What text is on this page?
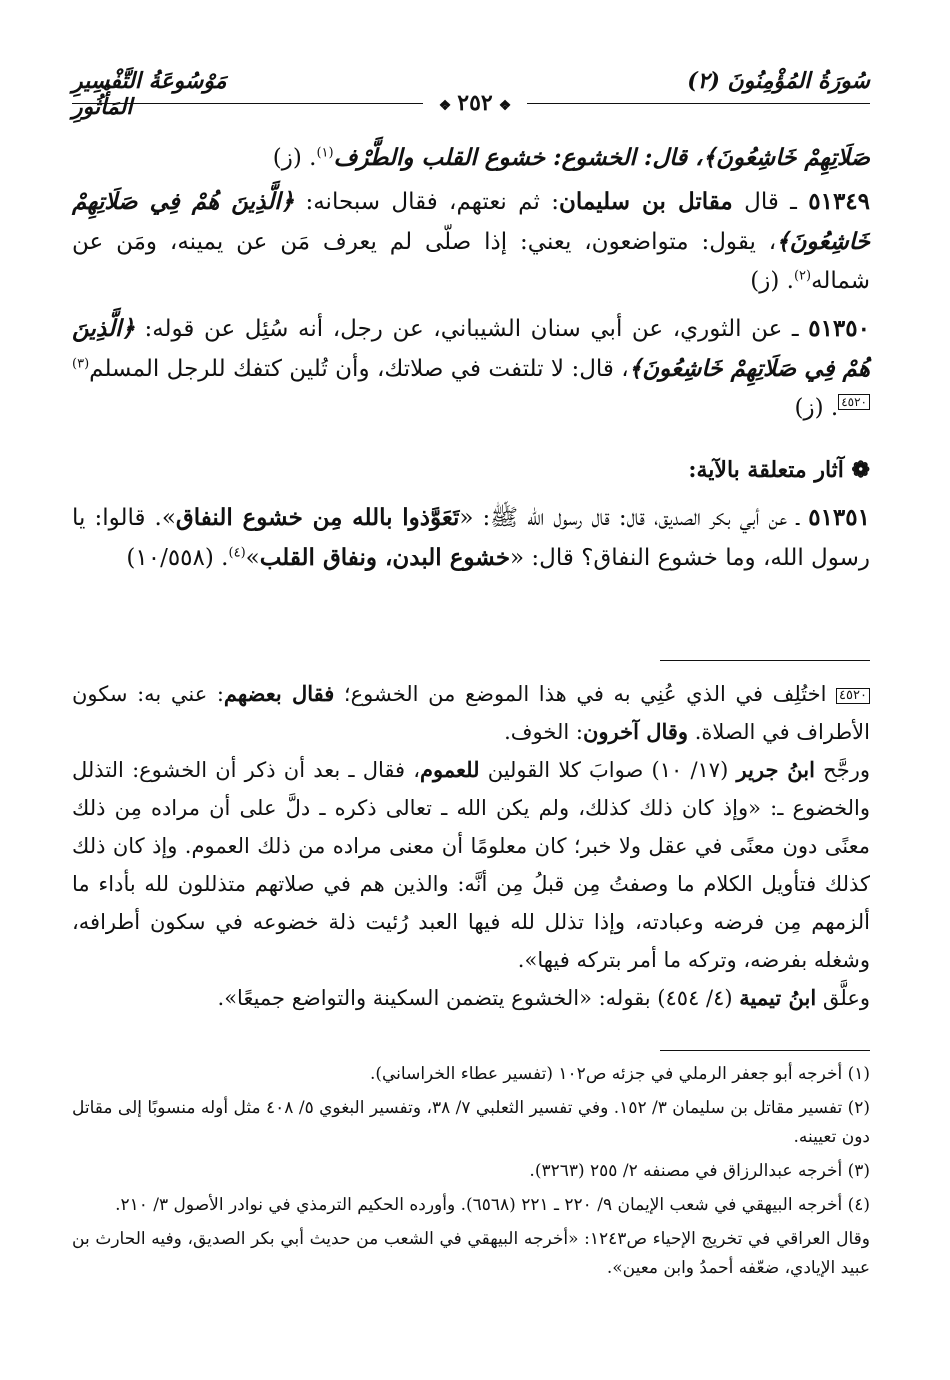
سُورَةُ المُؤْمِنُونَ (٢)
مَوْسُوعَةُ التَّفْسِيرِ المَأْثُورِ	❖ ٢٥٢ ❖

صَلَاتِهِمْ خَاشِعُونَ﴾، قال: الخشوع: خشوع القلب والطَّرْف$^{(١)}$. (ز)

٥١٣٤٩ ـ قال مقاتل بن سليمان: ثم نعتهم، فقال سبحانه: ﴿الَّذِينَ هُمْ فِي صَلَاتِهِمْ خَاشِعُونَ﴾، يقول: متواضعون، يعني: إذا صلّى لم يعرف مَن عن يمينه، ومَن عن شماله$^{(٢)}$. (ز)

٥١٣٥٠ ـ عن الثوري، عن أبي سنان الشيباني، عن رجل، أنه سُئِل عن قوله: ﴿الَّذِينَ هُمْ فِي صَلَاتِهِمْ خَاشِعُونَ﴾، قال: لا تلتفت في صلاتك، وأن تُلين كتفك للرجل المسلم$^{(٣)}$٤٥٢٠. (ز)

❁ آثار متعلقة بالآية:

٥١٣٥١ ـ عن أبي بكر الصديق، قال: قال رسول الله ﷺ: «تَعَوَّذوا بالله مِن خشوع النفاق». قالوا: يا رسول الله، وما خشوع النفاق؟ قال: «خشوع البدن، ونفاق القلب»$^{(٤)}$. (١٠/٥٥٨)

٤٥٢٠ اختُلِف في الذي عُنِي به في هذا الموضع من الخشوع؛ فقال بعضهم: عني به: سكون الأطراف في الصلاة. وقال آخرون: الخوف.

ورجَّح ابنُ جرير (١٧/ ١٠) صوابَ كلا القولين للعموم، فقال ـ بعد أن ذكر أن الخشوع: التذلل والخضوع ـ: «وإذ كان ذلك كذلك، ولم يكن الله ـ تعالى ذكره ـ دلَّ على أن مراده مِن ذلك معنًى دون معنًى في عقل ولا خبر؛ كان معلومًا أن معنى مراده من ذلك العموم. وإذ كان ذلك كذلك فتأويل الكلام ما وصفتُ مِن قبلُ مِن أنَّه: والذين هم في صلاتهم متذللون لله بأداء ما ألزمهم مِن فرضه وعبادته، وإذا تذلل لله فيها العبد رُئيت ذلة خضوعه في سكون أطرافه، وشغله بفرضه، وتركه ما أمر بتركه فيها».

وعلَّق ابنُ تيمية (٤/ ٤٥٤) بقوله: «الخشوع يتضمن السكينة والتواضع جميعًا».

(١) أخرجه أبو جعفر الرملي في جزئه ص١٠٢ (تفسير عطاء الخراساني).

(٢) تفسير مقاتل بن سليمان ٣/ ١٥٢. وفي تفسير الثعلبي ٧/ ٣٨، وتفسير البغوي ٥/ ٤٠٨ مثل أوله منسوبًا إلى مقاتل دون تعيينه.

(٣) أخرجه عبدالرزاق في مصنفه ٢/ ٢٥٥ (٣٢٦٣).

(٤) أخرجه البيهقي في شعب الإيمان ٩/ ٢٢٠ ـ ٢٢١ (٦٥٦٨). وأورده الحكيم الترمذي في نوادر الأصول ٣/ ٢١٠.

وقال العراقي في تخريج الإحياء ص١٢٤٣: «أخرجه البيهقي في الشعب من حديث أبي بكر الصديق، وفيه الحارث بن عبيد الإيادي، ضعّفه أحمدُ وابن معين».
